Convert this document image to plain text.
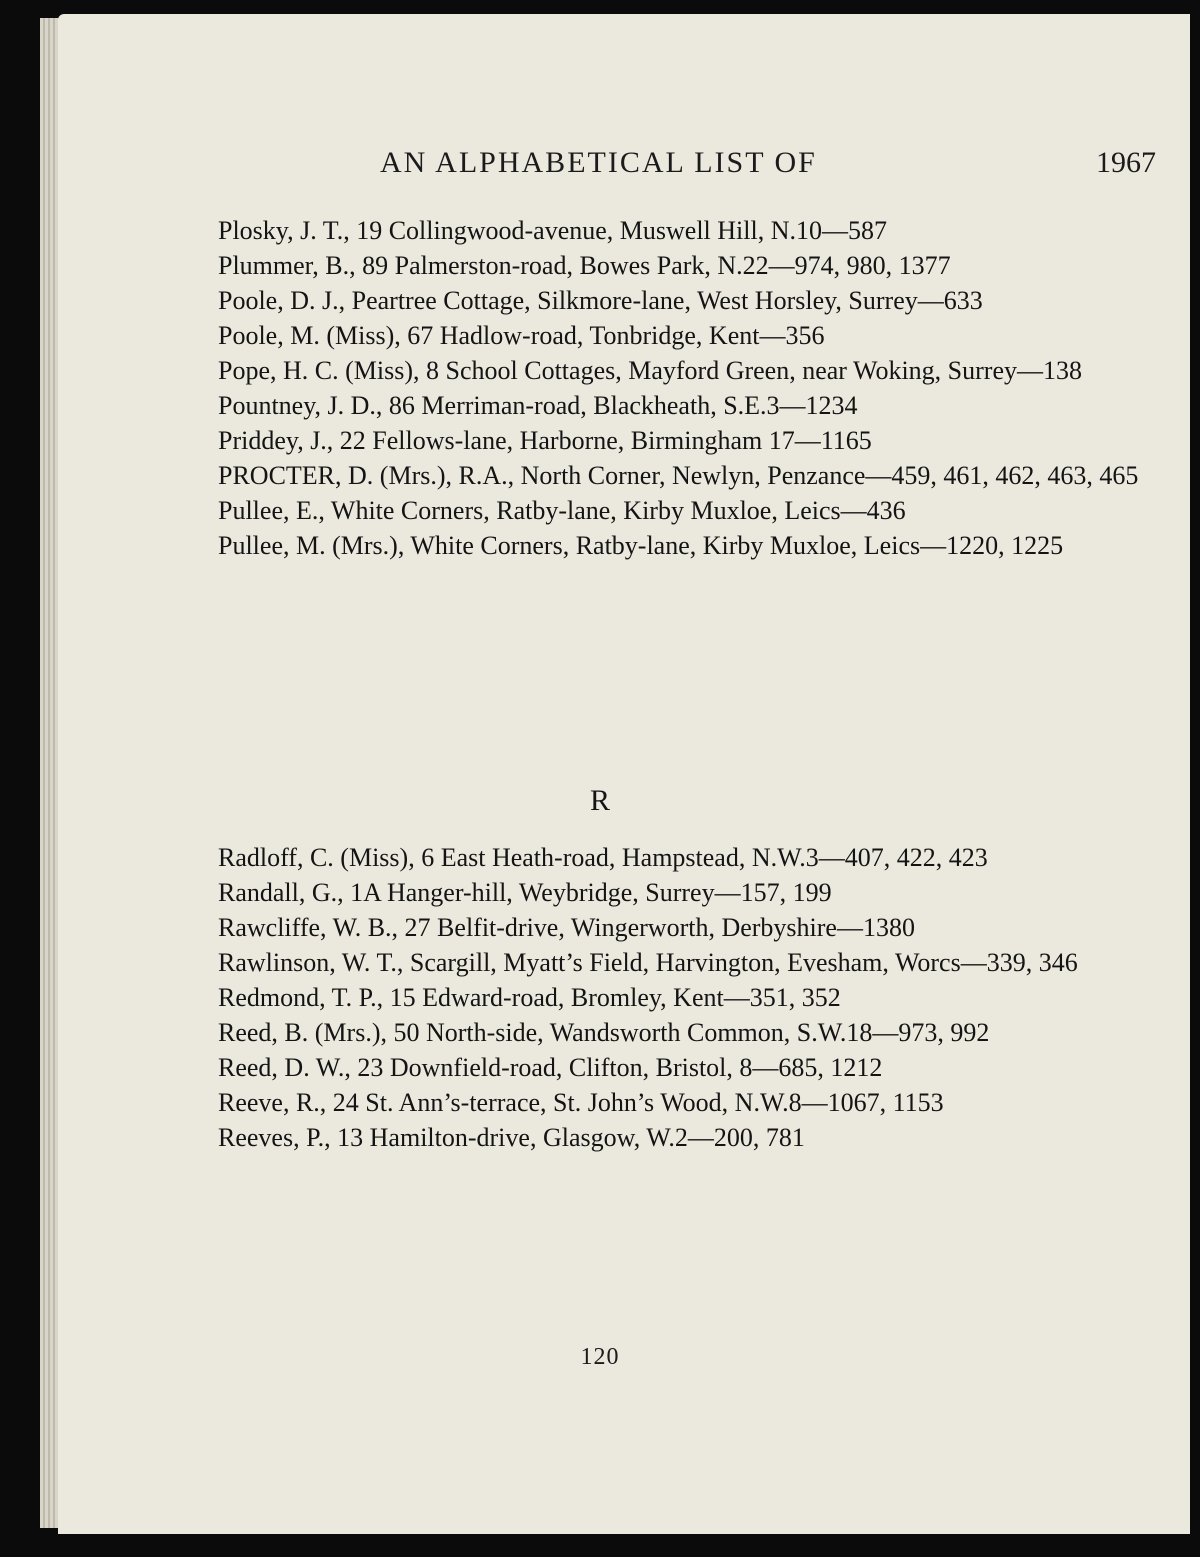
AN ALPHABETICAL LIST OF	1967

Plosky, J. T., 19 Collingwood-avenue, Muswell Hill, N.10—587

Plummer, B., 89 Palmerston-road, Bowes Park, N.22—974, 980, 1377

Poole, D. J., Peartree Cottage, Silkmore-lane, West Horsley, Surrey—633

Poole, M. (Miss), 67 Hadlow-road, Tonbridge, Kent—356

Pope, H. C. (Miss), 8 School Cottages, Mayford Green, near Woking, Surrey—138

Pountney, J. D., 86 Merriman-road, Blackheath, S.E.3—1234

Priddey, J., 22 Fellows-lane, Harborne, Birmingham 17—1165

PROCTER, D. (Mrs.), R.A., North Corner, Newlyn, Penzance—459, 461, 462, 463, 465

Pullee, E., White Corners, Ratby-lane, Kirby Muxloe, Leics—436

Pullee, M. (Mrs.), White Corners, Ratby-lane, Kirby Muxloe, Leics—1220, 1225

R

Radloff, C. (Miss), 6 East Heath-road, Hampstead, N.W.3—407, 422, 423

Randall, G., 1A Hanger-hill, Weybridge, Surrey—157, 199

Rawcliffe, W. B., 27 Belfit-drive, Wingerworth, Derbyshire—1380

Rawlinson, W. T., Scargill, Myatt’s Field, Harvington, Evesham, Worcs—339, 346

Redmond, T. P., 15 Edward-road, Bromley, Kent—351, 352

Reed, B. (Mrs.), 50 North-side, Wandsworth Common, S.W.18—973, 992

Reed, D. W., 23 Downfield-road, Clifton, Bristol, 8—685, 1212

Reeve, R., 24 St. Ann’s-terrace, St. John’s Wood, N.W.8—1067, 1153

Reeves, P., 13 Hamilton-drive, Glasgow, W.2—200, 781

120
